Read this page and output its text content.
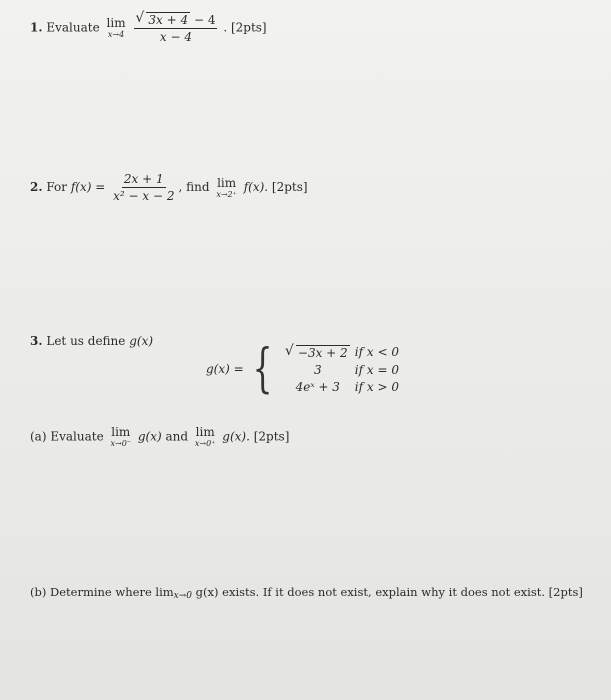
1. Evaluate lim
x→4
√ $\frac{3x + 4 - 4}{x - 4}$ . [2pts]
2. For $f(x) = \frac{2x + 1}{\text{x² − x − 2}}$ , find lim
x→2⁺ f(x). [2pts]
3. Let us define g(x)
g(x) = {	√ −3x + 2 if x < 0
3	if x = 0
4eˣ + 3	if x > 0
(a) Evaluate lim
x→0⁻ g(x) and lim
x→0⁺ g(x). [2pts]
(b) Determine where limx→0 g(x) exists. If it does not exist, explain why it does not exist. [2pts]
